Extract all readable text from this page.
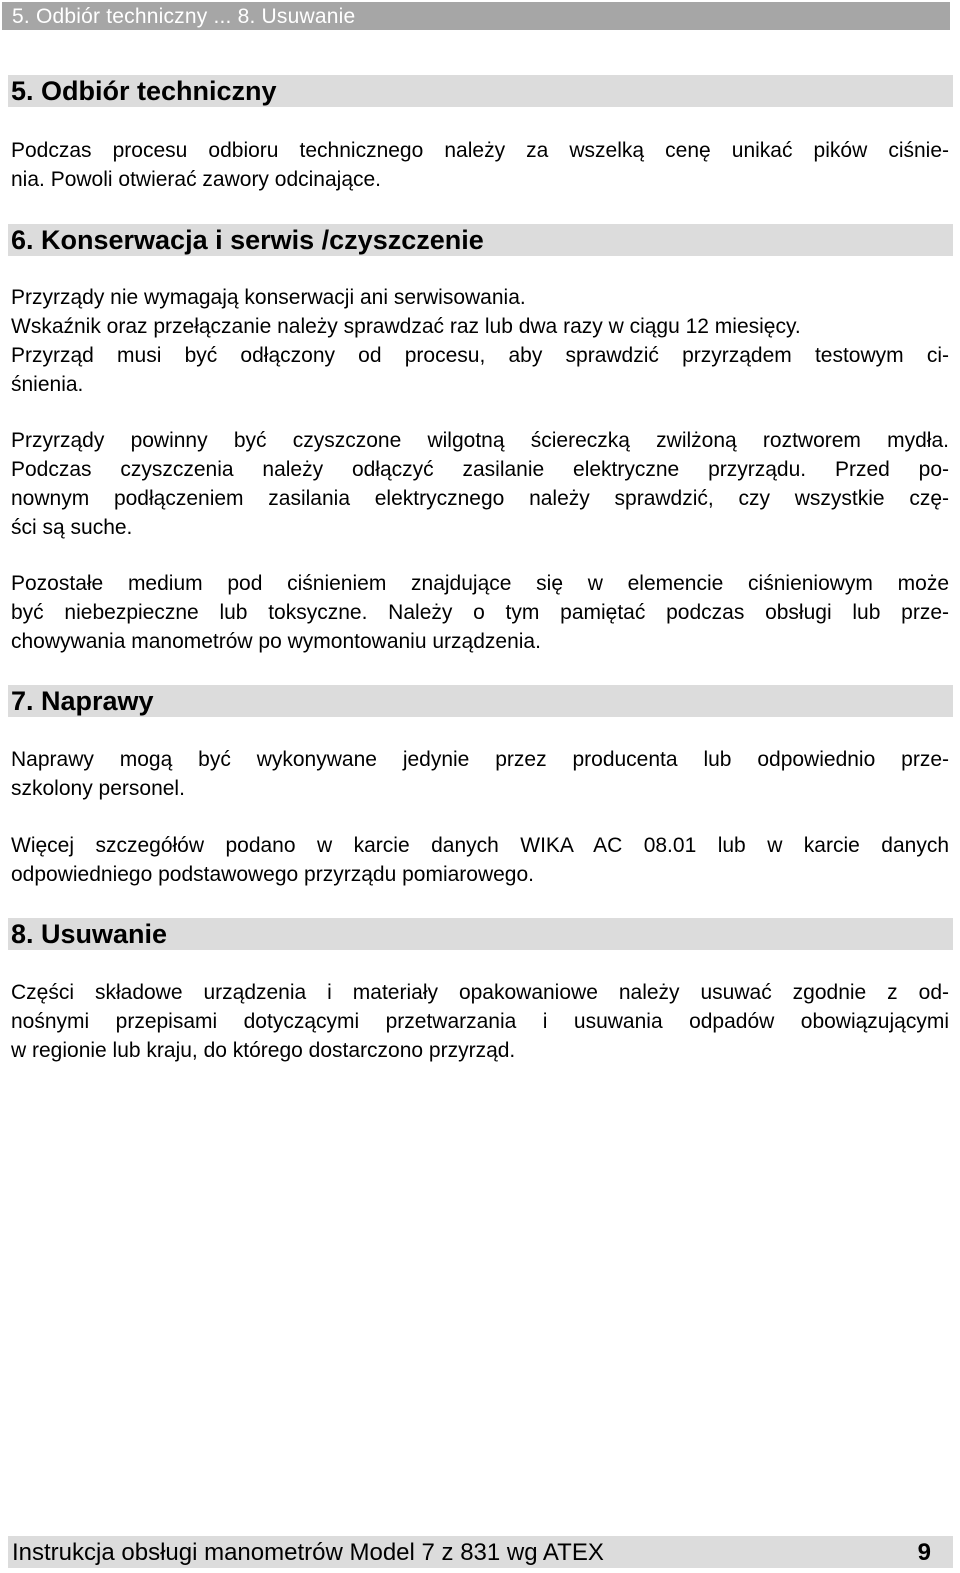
5. Odbiór techniczny ... 8. Usuwanie
5. Odbiór techniczny
Podczas procesu odbioru technicznego należy za wszelką cenę unikać pików ciśnie-
nia. Powoli otwierać zawory odcinające.
6. Konserwacja i serwis /czyszczenie
Przyrządy nie wymagają konserwacji ani serwisowania.
Wskaźnik oraz przełączanie należy sprawdzać raz lub dwa razy w ciągu 12 miesięcy.
Przyrząd musi być odłączony od procesu, aby sprawdzić przyrządem testowym ci-
śnienia.
Przyrządy powinny być czyszczone wilgotną ściereczką zwilżoną roztworem mydła.
Podczas czyszczenia należy odłączyć zasilanie elektryczne przyrządu. Przed po-
nownym podłączeniem zasilania elektrycznego należy sprawdzić, czy wszystkie czę-
ści są suche.
Pozostałe medium pod ciśnieniem znajdujące się w elemencie ciśnieniowym może
być niebezpieczne lub toksyczne. Należy o tym pamiętać podczas obsługi lub prze-
chowywania manometrów po wymontowaniu urządzenia.
7. Naprawy
Naprawy mogą być wykonywane jedynie przez producenta lub odpowiednio prze-
szkolony personel.
Więcej szczegółów podano w karcie danych WIKA AC 08.01 lub w karcie danych
odpowiedniego podstawowego przyrządu pomiarowego.
8. Usuwanie
Części składowe urządzenia i materiały opakowaniowe należy usuwać zgodnie z od-
nośnymi przepisami dotyczącymi przetwarzania i usuwania odpadów obowiązującymi
w regionie lub kraju, do którego dostarczono przyrząd.
Instrukcja obsługi manometrów Model 7 z 831 wg ATEX	9
